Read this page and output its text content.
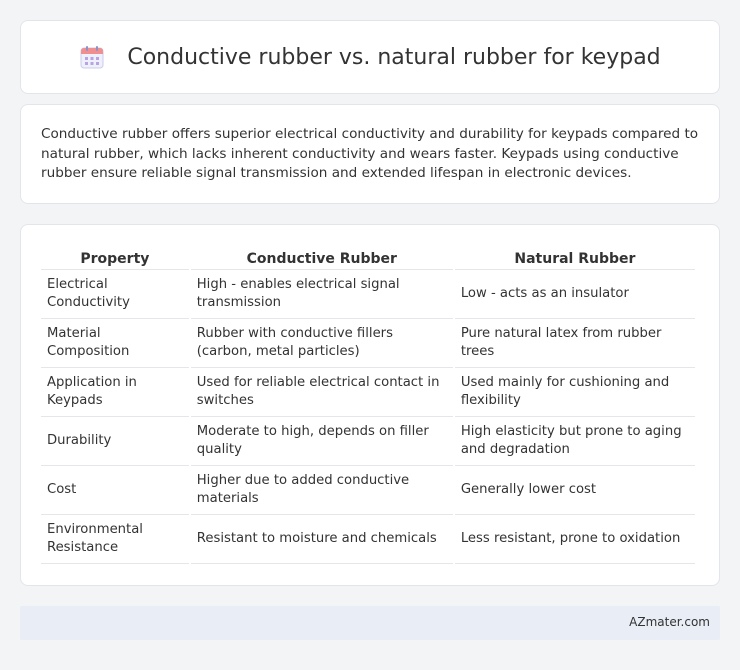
Conductive rubber vs. natural rubber for keypad

Conductive rubber offers superior electrical conductivity and durability for keypads compared to natural rubber, which lacks inherent conductivity and wears faster. Keypads using conductive rubber ensure reliable signal transmission and extended lifespan in electronic devices.

Property	Conductive Rubber	Natural Rubber
Electrical Conductivity	High - enables electrical signal transmission	Low - acts as an insulator
Material Composition	Rubber with conductive fillers (carbon, metal particles)	Pure natural latex from rubber trees
Application in Keypads	Used for reliable electrical contact in switches	Used mainly for cushioning and flexibility
Durability	Moderate to high, depends on filler quality	High elasticity but prone to aging and degradation
Cost	Higher due to added conductive materials	Generally lower cost
Environmental Resistance	Resistant to moisture and chemicals	Less resistant, prone to oxidation
AZmater.com
